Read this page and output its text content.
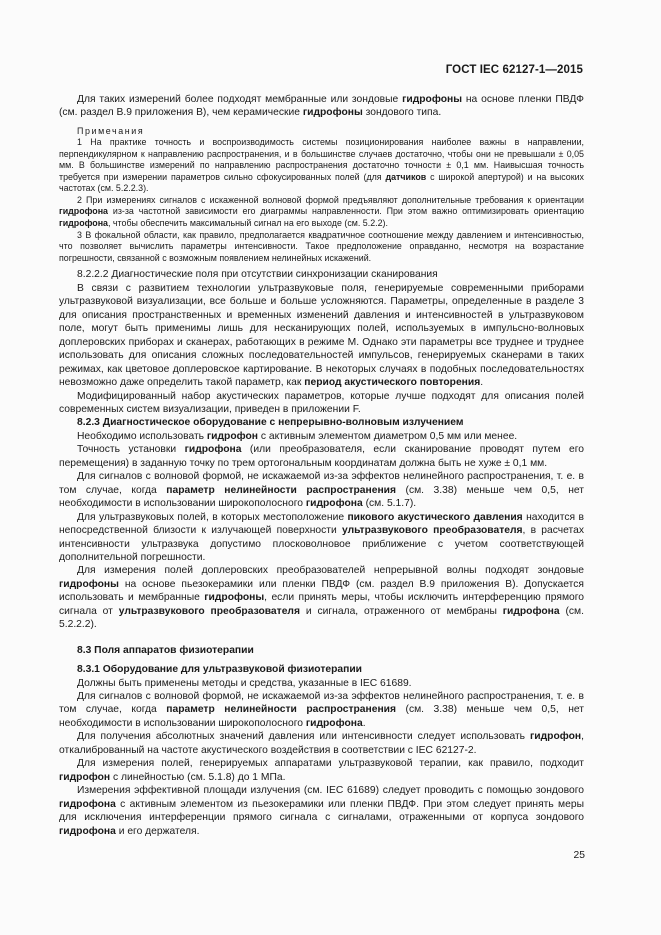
ГОСТ IEC 62127-1—2015

Для таких измерений более подходят мембранные или зондовые гидрофоны на основе пленки ПВДФ (см. раздел В.9 приложения В), чем керамические гидрофоны зондового типа.

Примечания

1 На практике точность и воспроизводимость системы позиционирования наиболее важны в направлении, перпендикулярном к направлению распространения, и в большинстве случаев достаточно, чтобы они не превышали ± 0,05 мм. В большинстве измерений по направлению распространения достаточно точности ± 0,1 мм. Наивысшая точность требуется при измерении параметров сильно сфокусированных полей (для датчиков с широкой апертурой) и на высоких частотах (см. 5.2.2.3).

2 При измерениях сигналов с искаженной волновой формой предъявляют дополнительные требования к ориентации гидрофона из-за частотной зависимости его диаграммы направленности. При этом важно оптимизировать ориентацию гидрофона, чтобы обеспечить максимальный сигнал на его выходе (см. 5.2.2).

3 В фокальной области, как правило, предполагается квадратичное соотношение между давлением и интенсивностью, что позволяет вычислить параметры интенсивности. Такое предположение оправданно, несмотря на возрастание погрешности, связанной с возможным появлением нелинейных искажений.

8.2.2.2 Диагностические поля при отсутствии синхронизации сканирования

В связи с развитием технологии ультразвуковые поля, генерируемые современными приборами ультразвуковой визуализации, все больше и больше усложняются. Параметры, определенные в разделе 3 для описания пространственных и временных изменений давления и интенсивностей в ультразвуковом поле, могут быть применимы лишь для несканирующих полей, используемых в импульсно-волновых доплеровских приборах и сканерах, работающих в режиме М. Однако эти параметры все труднее и труднее использовать для описания сложных последовательностей импульсов, генерируемых сканерами в таких режимах, как цветовое доплеровское картирование. В некоторых случаях в подобных последовательностях невозможно даже определить такой параметр, как период акустического повторения.

Модифицированный набор акустических параметров, которые лучше подходят для описания полей современных систем визуализации, приведен в приложении F.

8.2.3 Диагностическое оборудование с непрерывно-волновым излучением

Необходимо использовать гидрофон с активным элементом диаметром 0,5 мм или менее.

Точность установки гидрофона (или преобразователя, если сканирование проводят путем его перемещения) в заданную точку по трем ортогональным координатам должна быть не хуже ± 0,1 мм.

Для сигналов с волновой формой, не искажаемой из-за эффектов нелинейного распространения, т. е. в том случае, когда параметр нелинейности распространения (см. 3.38) меньше чем 0,5, нет необходимости в использовании широкополосного гидрофона (см. 5.1.7).

Для ультразвуковых полей, в которых местоположение пикового акустического давления находится в непосредственной близости к излучающей поверхности ультразвукового преобразователя, в расчетах интенсивности ультразвука допустимо плосковолновое приближение с учетом соответствующей дополнительной погрешности.

Для измерения полей доплеровских преобразователей непрерывной волны подходят зондовые гидрофоны на основе пьезокерамики или пленки ПВДФ (см. раздел В.9 приложения В). Допускается использовать и мембранные гидрофоны, если принять меры, чтобы исключить интерференцию прямого сигнала от ультразвукового преобразователя и сигнала, отраженного от мембраны гидрофона (см. 5.2.2.2).

8.3 Поля аппаратов физиотерапии

8.3.1 Оборудование для ультразвуковой физиотерапии

Должны быть применены методы и средства, указанные в IEC 61689.

Для сигналов с волновой формой, не искажаемой из-за эффектов нелинейного распространения, т. е. в том случае, когда параметр нелинейности распространения (см. 3.38) меньше чем 0,5, нет необходимости в использовании широкополосного гидрофона.

Для получения абсолютных значений давления или интенсивности следует использовать гидрофон, откалиброванный на частоте акустического воздействия в соответствии с IEC 62127-2.

Для измерения полей, генерируемых аппаратами ультразвуковой терапии, как правило, подходит гидрофон с линейностью (см. 5.1.8) до 1 МПа.

Измерения эффективной площади излучения (см. IEC 61689) следует проводить с помощью зондового гидрофона с активным элементом из пьезокерамики или пленки ПВДФ. При этом следует принять меры для исключения интерференции прямого сигнала с сигналами, отраженными от корпуса зондового гидрофона и его держателя.

25
